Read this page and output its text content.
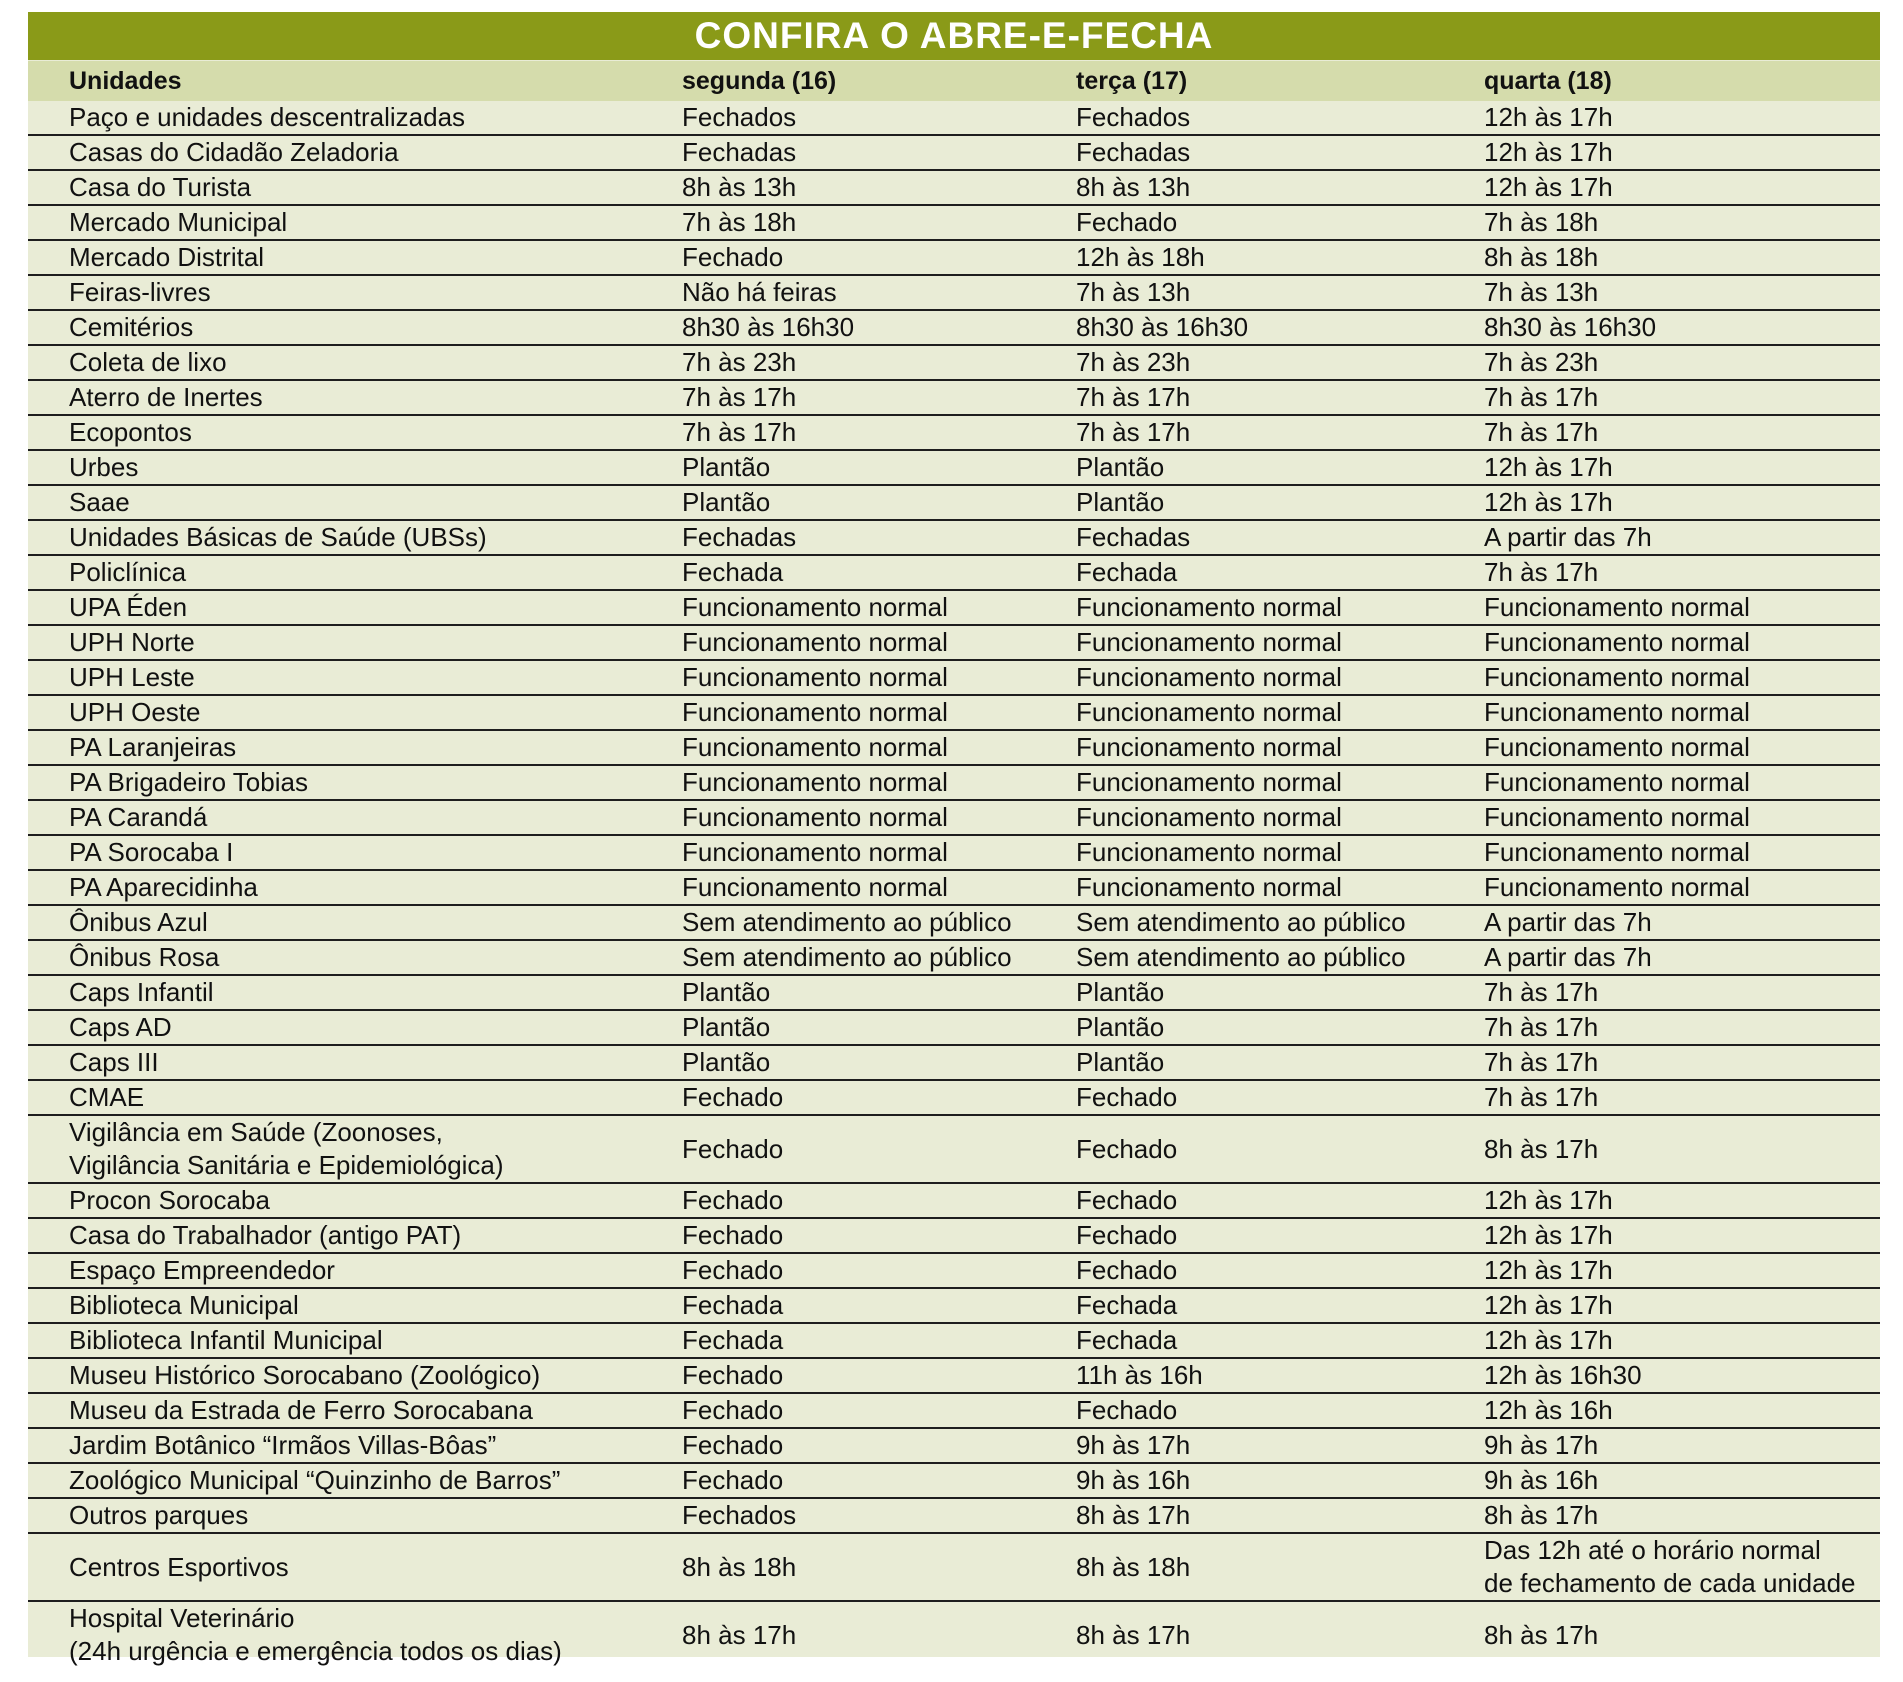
CONFIRA O ABRE-E-FECHA
Unidades	segunda (16)	terça (17)	quarta (18)
Paço e unidades descentralizadas	Fechados	Fechados	12h às 17h
Casas do Cidadão Zeladoria	Fechadas	Fechadas	12h às 17h
Casa do Turista	8h às 13h	8h às 13h	12h às 17h
Mercado Municipal	7h às 18h	Fechado	7h às 18h
Mercado Distrital	Fechado	12h às 18h	8h às 18h
Feiras-livres	Não há feiras	7h às 13h	7h às 13h
Cemitérios	8h30 às 16h30	8h30 às 16h30	8h30 às 16h30
Coleta de lixo	7h às 23h	7h às 23h	7h às 23h
Aterro de Inertes	7h às 17h	7h às 17h	7h às 17h
Ecopontos	7h às 17h	7h às 17h	7h às 17h
Urbes	Plantão	Plantão	12h às 17h
Saae	Plantão	Plantão	12h às 17h
Unidades Básicas de Saúde (UBSs)	Fechadas	Fechadas	A partir das 7h
Policlínica	Fechada	Fechada	7h às 17h
UPA Éden	Funcionamento normal	Funcionamento normal	Funcionamento normal
UPH Norte	Funcionamento normal	Funcionamento normal	Funcionamento normal
UPH Leste	Funcionamento normal	Funcionamento normal	Funcionamento normal
UPH Oeste	Funcionamento normal	Funcionamento normal	Funcionamento normal
PA Laranjeiras	Funcionamento normal	Funcionamento normal	Funcionamento normal
PA Brigadeiro Tobias	Funcionamento normal	Funcionamento normal	Funcionamento normal
PA Carandá	Funcionamento normal	Funcionamento normal	Funcionamento normal
PA Sorocaba I	Funcionamento normal	Funcionamento normal	Funcionamento normal
PA Aparecidinha	Funcionamento normal	Funcionamento normal	Funcionamento normal
Ônibus Azul	Sem atendimento ao público	Sem atendimento ao público	A partir das 7h
Ônibus Rosa	Sem atendimento ao público	Sem atendimento ao público	A partir das 7h
Caps Infantil	Plantão	Plantão	7h às 17h
Caps AD	Plantão	Plantão	7h às 17h
Caps III	Plantão	Plantão	7h às 17h
CMAE	Fechado	Fechado	7h às 17h
Vigilância em Saúde (Zoonoses,
Vigilância Sanitária e Epidemiológica)	Fechado	Fechado	8h às 17h
Procon Sorocaba	Fechado	Fechado	12h às 17h
Casa do Trabalhador (antigo PAT)	Fechado	Fechado	12h às 17h
Espaço Empreendedor	Fechado	Fechado	12h às 17h
Biblioteca Municipal	Fechada	Fechada	12h às 17h
Biblioteca Infantil Municipal	Fechada	Fechada	12h às 17h
Museu Histórico Sorocabano (Zoológico)	Fechado	11h às 16h	12h às 16h30
Museu da Estrada de Ferro Sorocabana	Fechado	Fechado	12h às 16h
Jardim Botânico “Irmãos Villas-Bôas”	Fechado	9h às 17h	9h às 17h
Zoológico Municipal “Quinzinho de Barros”	Fechado	9h às 16h	9h às 16h
Outros parques	Fechados	8h às 17h	8h às 17h
Centros Esportivos	8h às 18h	8h às 18h	Das 12h até o horário normal
de fechamento de cada unidade
Hospital Veterinário
(24h urgência e emergência todos os dias)	8h às 17h	8h às 17h	8h às 17h
